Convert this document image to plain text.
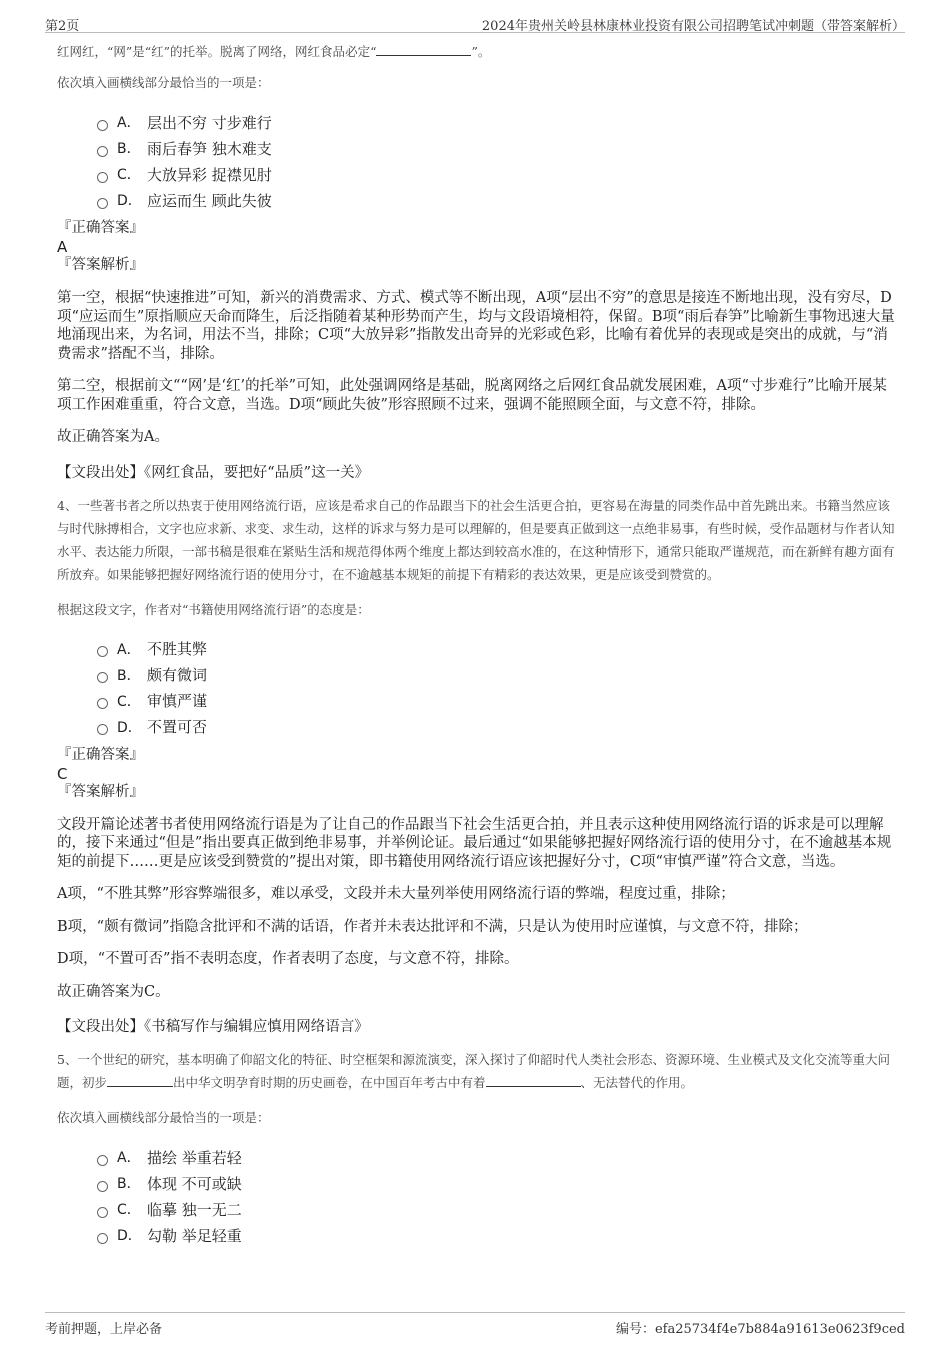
第2页	2024年贵州关岭县林康林业投资有限公司招聘笔试冲刺题（带答案解析）

红网红，“网”是“红”的托举。脱离了网络，网红食品必定“	”。

依次填入画横线部分最恰当的一项是：

A． 层出不穷 寸步难行
B． 雨后春笋 独木难支
C． 大放异彩 捉襟见肘
D． 应运而生 顾此失彼

『正确答案』

A

『答案解析』

第一空，根据“快速推进”可知，新兴的消费需求、方式、模式等不断出现，A项“层出不穷”的意思是接连不断地出现，没有穷尽，D项“应运而生”原指顺应天命而降生，后泛指随着某种形势而产生，均与文段语境相符，保留。B项“雨后春笋”比喻新生事物迅速大量地涌现出来，为名词，用法不当，排除；C项“大放异彩”指散发出奇异的光彩或色彩，比喻有着优异的表现或是突出的成就，与“消费需求”搭配不当，排除。

第二空，根据前文““网’是‘红’的托举”可知，此处强调网络是基础，脱离网络之后网红食品就发展困难，A项“寸步难行”比喻开展某项工作困难重重，符合文意，当选。D项“顾此失彼”形容照顾不过来，强调不能照顾全面，与文意不符，排除。

故正确答案为A。

【文段出处】《网红食品，要把好“品质”这一关》

4、一些著书者之所以热衷于使用网络流行语，应该是希求自己的作品跟当下的社会生活更合拍，更容易在海量的同类作品中首先跳出来。书籍当然应该与时代脉搏相合，文字也应求新、求变、求生动，这样的诉求与努力是可以理解的，但是要真正做到这一点绝非易事，有些时候，受作品题材与作者认知水平、表达能力所限，一部书稿是很难在紧贴生活和规范得体两个维度上都达到较高水准的，在这种情形下，通常只能取严谨规范，而在新鲜有趣方面有所放弃。如果能够把握好网络流行语的使用分寸，在不逾越基本规矩的前提下有精彩的表达效果，更是应该受到赞赏的。

根据这段文字，作者对“书籍使用网络流行语”的态度是：

A． 不胜其弊
B． 颇有微词
C． 审慎严谨
D． 不置可否

『正确答案』

C

『答案解析』

文段开篇论述著书者使用网络流行语是为了让自己的作品跟当下社会生活更合拍，并且表示这种使用网络流行语的诉求是可以理解的，接下来通过“但是”指出要真正做到绝非易事，并举例论证。最后通过“如果能够把握好网络流行语的使用分寸，在不逾越基本规矩的前提下……更是应该受到赞赏的”提出对策，即书籍使用网络流行语应该把握好分寸，C项“审慎严谨”符合文意，当选。

A项，“不胜其弊”形容弊端很多，难以承受，文段并未大量列举使用网络流行语的弊端，程度过重，排除；

B项，“颇有微词”指隐含批评和不满的话语，作者并未表达批评和不满，只是认为使用时应谨慎，与文意不符，排除；

D项，“不置可否”指不表明态度，作者表明了态度，与文意不符，排除。

故正确答案为C。

【文段出处】《书稿写作与编辑应慎用网络语言》

5、一个世纪的研究，基本明确了仰韶文化的特征、时空框架和源流演变，深入探讨了仰韶时代人类社会形态、资源环境、生业模式及文化交流等重大问题，初步	出中华文明孕育时期的历史画卷，在中国百年考古中有着	、无法替代的作用。

依次填入画横线部分最恰当的一项是：

A． 描绘 举重若轻
B． 体现 不可或缺
C． 临摹 独一无二
D． 勾勒 举足轻重
考前押题，上岸必备	编号：efa25734f4e7b884a91613e0623f9ced
